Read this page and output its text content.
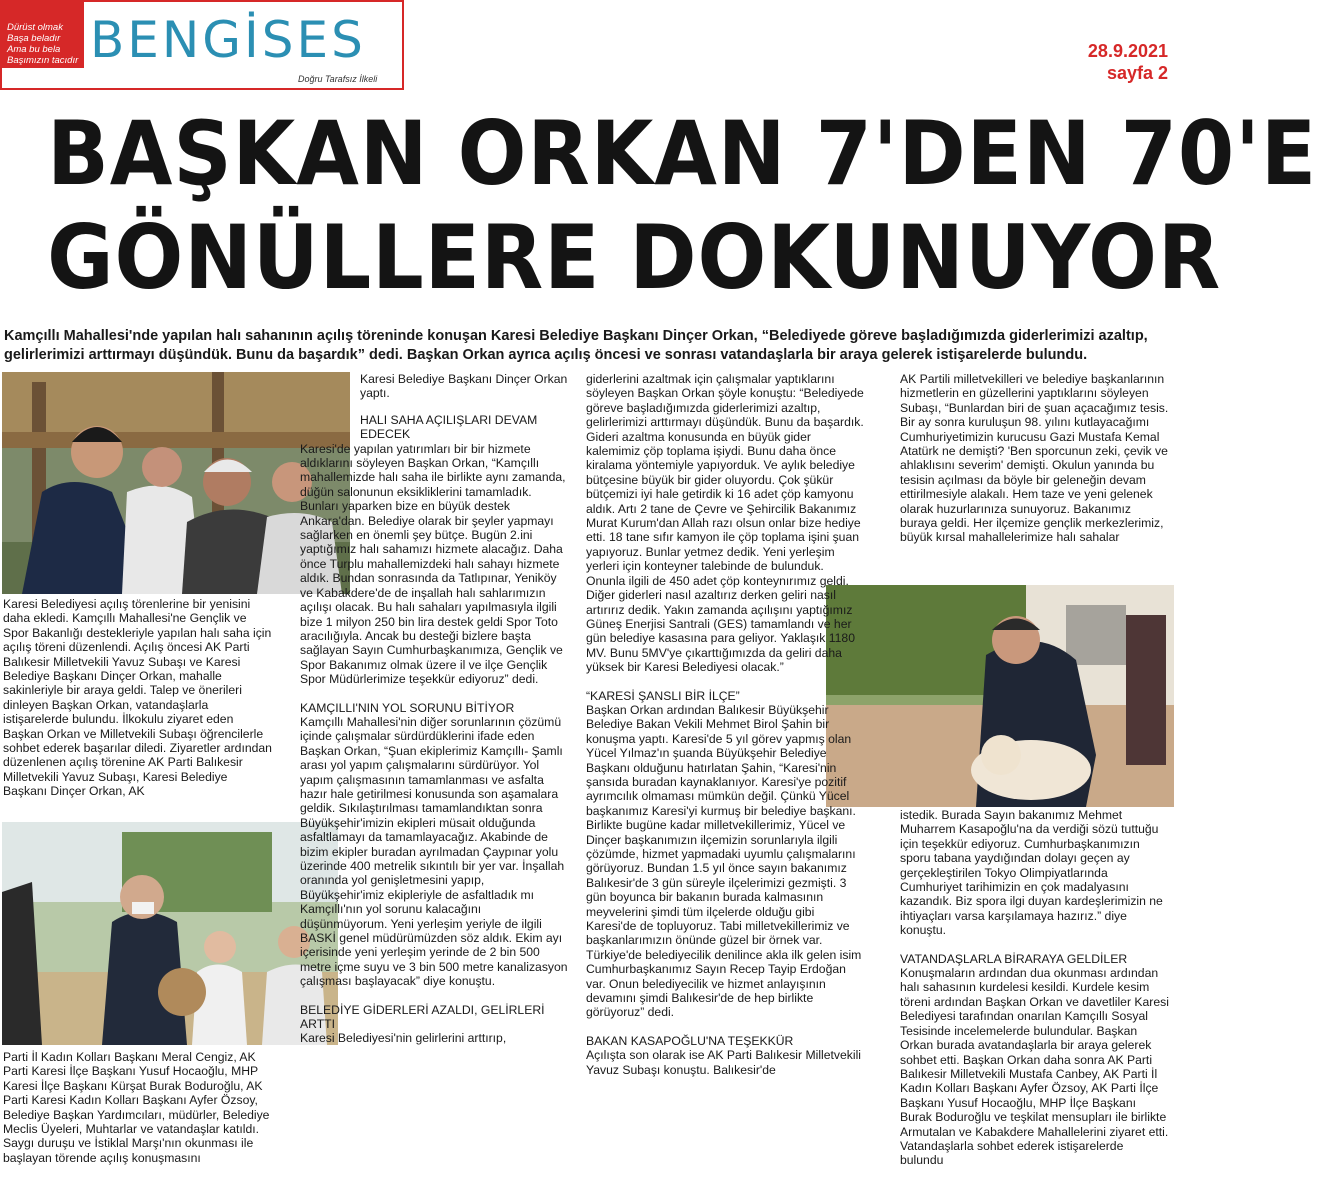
Dürüst olmak
Başa beladır
Ama bu bela
Başımızın tacıdır BENGİSES
Doğru Tarafsız İlkeli
28.9.2021
sayfa 2
BAŞKAN ORKAN 7'DEN 70'E
GÖNÜLLERE DOKUNUYOR

Kamçıllı Mahallesi'nde yapılan halı sahanının açılış töreninde konuşan Karesi Belediye Başkanı Dinçer Orkan, “Belediyede göreve başladığımızda giderlerimizi azaltıp, gelirlerimizi arttırmayı düşündük. Bunu da başardık” dedi. Başkan Orkan ayrıca açılış öncesi ve sonrası vatandaşlarla bir araya gelerek istişarelerde bulundu.

Karesi Belediyesi açılış törenlerine bir yenisini daha ekledi. Kamçıllı Mahallesi'ne Gençlik ve Spor Bakanlığı destekleriyle yapılan halı saha için açılış töreni düzenlendi. Açılış öncesi AK Parti Balıkesir Milletvekili Yavuz Subaşı ve Karesi Belediye Başkanı Dinçer Orkan, mahalle sakinleriyle bir araya geldi. Talep ve önerileri dinleyen Başkan Orkan, vatandaşlarla istişarelerde bulundu. İlkokulu ziyaret eden Başkan Orkan ve Milletvekili Subaşı öğrencilerle sohbet ederek başarılar diledi. Ziyaretler ardından düzenlenen açılış törenine AK Parti Balıkesir Milletvekili Yavuz Subaşı, Karesi Belediye Başkanı Dinçer Orkan, AK

Parti İl Kadın Kolları Başkanı Meral Cengiz, AK Parti Karesi İlçe Başkanı Yusuf Hocaoğlu, MHP Karesi İlçe Başkanı Kürşat Burak Boduroğlu, AK Parti Karesi Kadın Kolları Başkanı Ayfer Özsoy, Belediye Başkan Yardımcıları, müdürler, Belediye Meclis Üyeleri, Muhtarlar ve vatandaşlar katıldı. Saygı duruşu ve İstiklal Marşı'nın okunması ile başlayan törende açılış konuşmasını

Karesi Belediye Başkanı Dinçer Orkan yaptı.

HALI SAHA AÇILIŞLARI DEVAM EDECEK

Karesi'de yapılan yatırımları bir bir hizmete aldıklarını söyleyen Başkan Orkan, “Kamçıllı mahallemizde halı saha ile birlikte aynı zamanda, düğün salonunun eksikliklerini tamamladık. Bunları yaparken bize en büyük destek Ankara'dan. Belediye olarak bir şeyler yapmayı sağlarken en önemli şey bütçe. Bugün 2.ini yaptığımız halı sahamızı hizmete alacağız. Daha önce Turplu mahallemizdeki halı sahayı hizmete aldık. Bundan sonrasında da Tatlıpınar, Yeniköy ve Kabakdere'de de inşallah halı sahlarımızın açılışı olacak. Bu halı sahaları yapılmasıyla ilgili bize 1 milyon 250 bin lira destek geldi Spor Toto aracılığıyla. Ancak bu desteği bizlere başta sağlayan Sayın Cumhurbaşkanımıza, Gençlik ve Spor Bakanımız olmak üzere il ve ilçe Gençlik Spor Müdürlerimize teşekkür ediyoruz” dedi.

KAMÇILLI'NIN YOL SORUNU BİTİYOR

Kamçıllı Mahallesi'nin diğer sorunlarının çözümü içinde çalışmalar sürdürdüklerini ifade eden Başkan Orkan, “Şuan ekiplerimiz Kamçıllı- Şamlı arası yol yapım çalışmalarını sürdürüyor. Yol yapım çalışmasının tamamlanması ve asfalta hazır hale getirilmesi konusunda son aşamalara geldik. Sıkılaştırılması tamamlandıktan sonra Büyükşehir'imizin ekipleri müsait olduğunda asfaltlamayı da tamamlayacağız. Akabinde de bizim ekipler buradan ayrılmadan Çaypınar yolu üzerinde 400 metrelik sıkıntılı bir yer var. İnşallah oranında yol genişletmesini yapıp, Büyükşehir'imiz ekipleriyle de asfaltladık mı Kamçıllı'nın yol sorunu kalacağını düşünmüyorum. Yeni yerleşim yeriyle de ilgili BASKİ genel müdürümüzden söz aldık. Ekim ayı içerisinde yeni yerleşim yerinde de 2 bin 500 metre içme suyu ve 3 bin 500 metre kanalizasyon çalışması başlayacak” diye konuştu.

BELEDİYE GİDERLERİ AZALDI, GELİRLERİ ARTTI

Karesi Belediyesi'nin gelirlerini arttırıp,

giderlerini azaltmak için çalışmalar yaptıklarını söyleyen Başkan Orkan şöyle konuştu: “Belediyede göreve başladığımızda giderlerimizi azaltıp, gelirlerimizi arttırmayı düşündük. Bunu da başardık. Gideri azaltma konusunda en büyük gider kalemimiz çöp toplama işiydi. Bunu daha önce kiralama yöntemiyle yapıyorduk. Ve aylık belediye bütçesine büyük bir gider oluyordu. Çok şükür bütçemizi iyi hale getirdik ki 16 adet çöp kamyonu aldık. Artı 2 tane de Çevre ve Şehircilik Bakanımız Murat Kurum'dan Allah razı olsun onlar bize hediye etti. 18 tane sıfır kamyon ile çöp toplama işini şuan yapıyoruz. Bunlar yetmez dedik. Yeni yerleşim yerleri için konteyner talebinde de bulunduk. Onunla ilgili de 450 adet çöp konteynırımız geldi. Diğer giderleri nasıl azaltırız derken geliri nasıl artırırız dedik. Yakın zamanda açılışını yaptığımız Güneş Enerjisi Santrali (GES) tamamlandı ve her gün belediye kasasına para geliyor. Yaklaşık 1180 MV. Bunu 5MV'ye çıkarttığımızda da geliri daha yüksek bir Karesi Belediyesi olacak.”

“KARESİ ŞANSLI BİR İLÇE”

Başkan Orkan ardından Balıkesir Büyükşehir Belediye Bakan Vekili Mehmet Birol Şahin bir konuşma yaptı. Karesi'de 5 yıl görev yapmış olan Yücel Yılmaz'ın şuanda Büyükşehir Belediye Başkanı olduğunu hatırlatan Şahin, “Karesi'nin şansıda buradan kaynaklanıyor. Karesi'ye pozitif ayrımcılık olmaması mümkün değil. Çünkü Yücel başkanımız Karesi'yi kurmuş bir belediye başkanı. Birlikte bugüne kadar milletvekillerimiz, Yücel ve Dinçer başkanımızın ilçemizin sorunlarıyla ilgili çözümde, hizmet yapmadaki uyumlu çalışmalarını görüyoruz. Bundan 1.5 yıl önce sayın bakanımız Balıkesir'de 3 gün süreyle ilçelerimizi gezmişti. 3 gün boyunca bir bakanın burada kalmasının meyvelerini şimdi tüm ilçelerde olduğu gibi Karesi'de de topluyoruz. Tabi milletvekillerimiz ve başkanlarımızın önünde güzel bir örnek var. Türkiye'de belediyecilik denilince akla ilk gelen isim Cumhurbaşkanımız Sayın Recep Tayip Erdoğan var. Onun belediyecilik ve hizmet anlayışının devamını şimdi Balıkesir'de de hep birlikte görüyoruz” dedi.

BAKAN KASAPOĞLU'NA TEŞEKKÜR

Açılışta son olarak ise AK Parti Balıkesir Milletvekili Yavuz Subaşı konuştu. Balıkesir'de

AK Partili milletvekilleri ve belediye başkanlarının hizmetlerin en güzellerini yaptıklarını söyleyen Subaşı, “Bunlardan biri de şuan açacağımız tesis. Bir ay sonra kuruluşun 98. yılını kutlayacağımı Cumhuriyetimizin kurucusu Gazi Mustafa Kemal Atatürk ne demişti? 'Ben sporcunun zeki, çevik ve ahlaklısını severim' demişti. Okulun yanında bu tesisin açılması da böyle bir geleneğin devam ettirilmesiyle alakalı. Hem taze ve yeni gelenek olarak huzurlarınıza sunuyoruz. Bakanımız buraya geldi. Her ilçemize gençlik merkezlerimiz, büyük kırsal mahallelerimize halı sahalar

istedik. Burada Sayın bakanımız Mehmet Muharrem Kasapoğlu'na da verdiği sözü tuttuğu için teşekkür ediyoruz. Cumhurbaşkanımızın sporu tabana yaydığından dolayı geçen ay gerçekleştirilen Tokyo Olimpiyatlarında Cumhuriyet tarihimizin en çok madalyasını kazandık. Biz spora ilgi duyan kardeşlerimizin ne ihtiyaçları varsa karşılamaya hazırız.” diye konuştu.

VATANDAŞLARLA BİRARAYA GELDİLER

Konuşmaların ardından dua okunması ardından halı sahasının kurdelesi kesildi. Kurdele kesim töreni ardından Başkan Orkan ve davetliler Karesi Belediyesi tarafından onarılan Kamçıllı Sosyal Tesisinde incelemelerde bulundular. Başkan Orkan burada avatandaşlarla bir araya gelerek sohbet etti. Başkan Orkan daha sonra AK Parti Balıkesir Milletvekili Mustafa Canbey, AK Parti İl Kadın Kolları Başkanı Ayfer Özsoy, AK Parti İlçe Başkanı Yusuf Hocaoğlu, MHP İlçe Başkanı Burak Boduroğlu ve teşkilat mensupları ile birlikte Armutalan ve Kabakdere Mahallelerini ziyaret etti. Vatandaşlarla sohbet ederek istişarelerde bulundu
